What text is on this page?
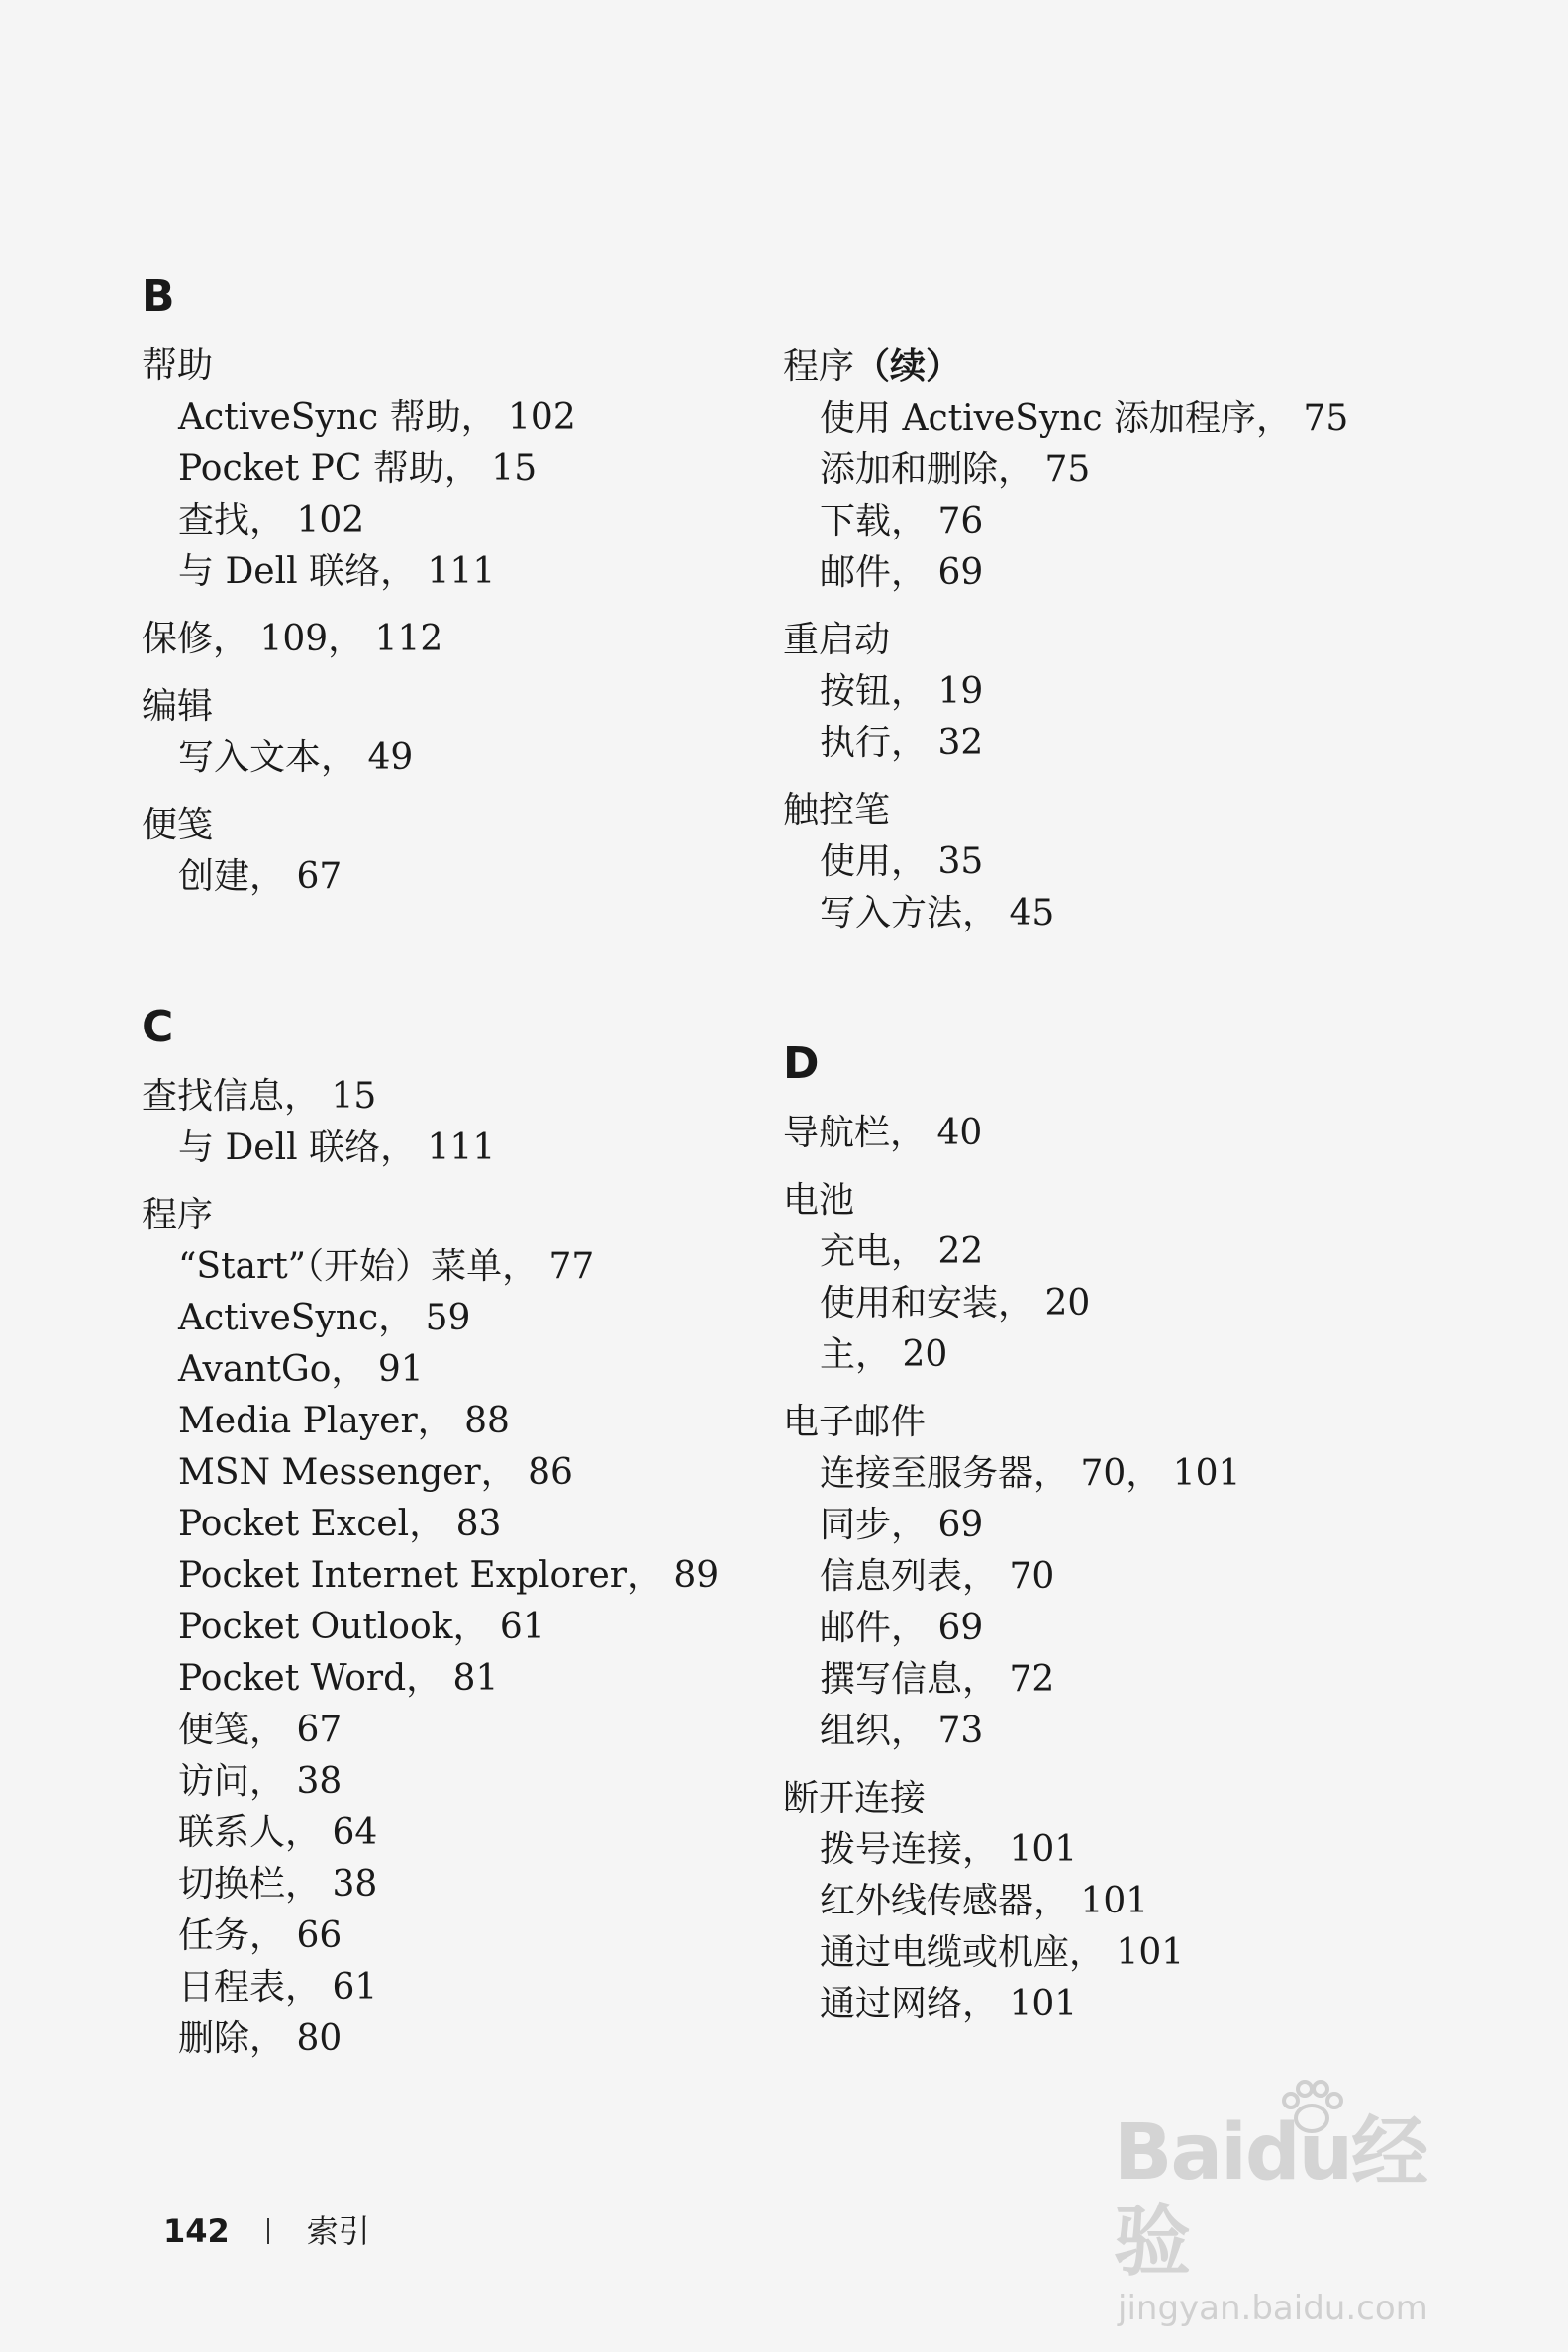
B
帮助
ActiveSync 帮助， 102
Pocket PC 帮助， 15
查找， 102
与 Dell 联络， 111
保修， 109， 112
编辑
写入文本， 49
便笺
创建， 67
C
查找信息， 15
与 Dell 联络， 111
程序
“Start”（开始）菜单， 77
ActiveSync， 59
AvantGo， 91
Media Player， 88
MSN Messenger， 86
Pocket Excel， 83
Pocket Internet Explorer， 89
Pocket Outlook， 61
Pocket Word， 81
便笺， 67
访问， 38
联系人， 64
切换栏， 38
任务， 66
日程表， 61
删除， 80
程序（续）
使用 ActiveSync 添加程序， 75
添加和删除， 75
下载， 76
邮件， 69
重启动
按钮， 19
执行， 32
触控笔
使用， 35
写入方法， 45
D
导航栏， 40
电池
充电， 22
使用和安装， 20
主， 20
电子邮件
连接至服务器， 70， 101
同步， 69
信息列表， 70
邮件， 69
撰写信息， 72
组织， 73
断开连接
拨号连接， 101
红外线传感器， 101
通过电缆或机座， 101
通过网络， 101
142 索引
Baidu经验
jingyan.baidu.com
